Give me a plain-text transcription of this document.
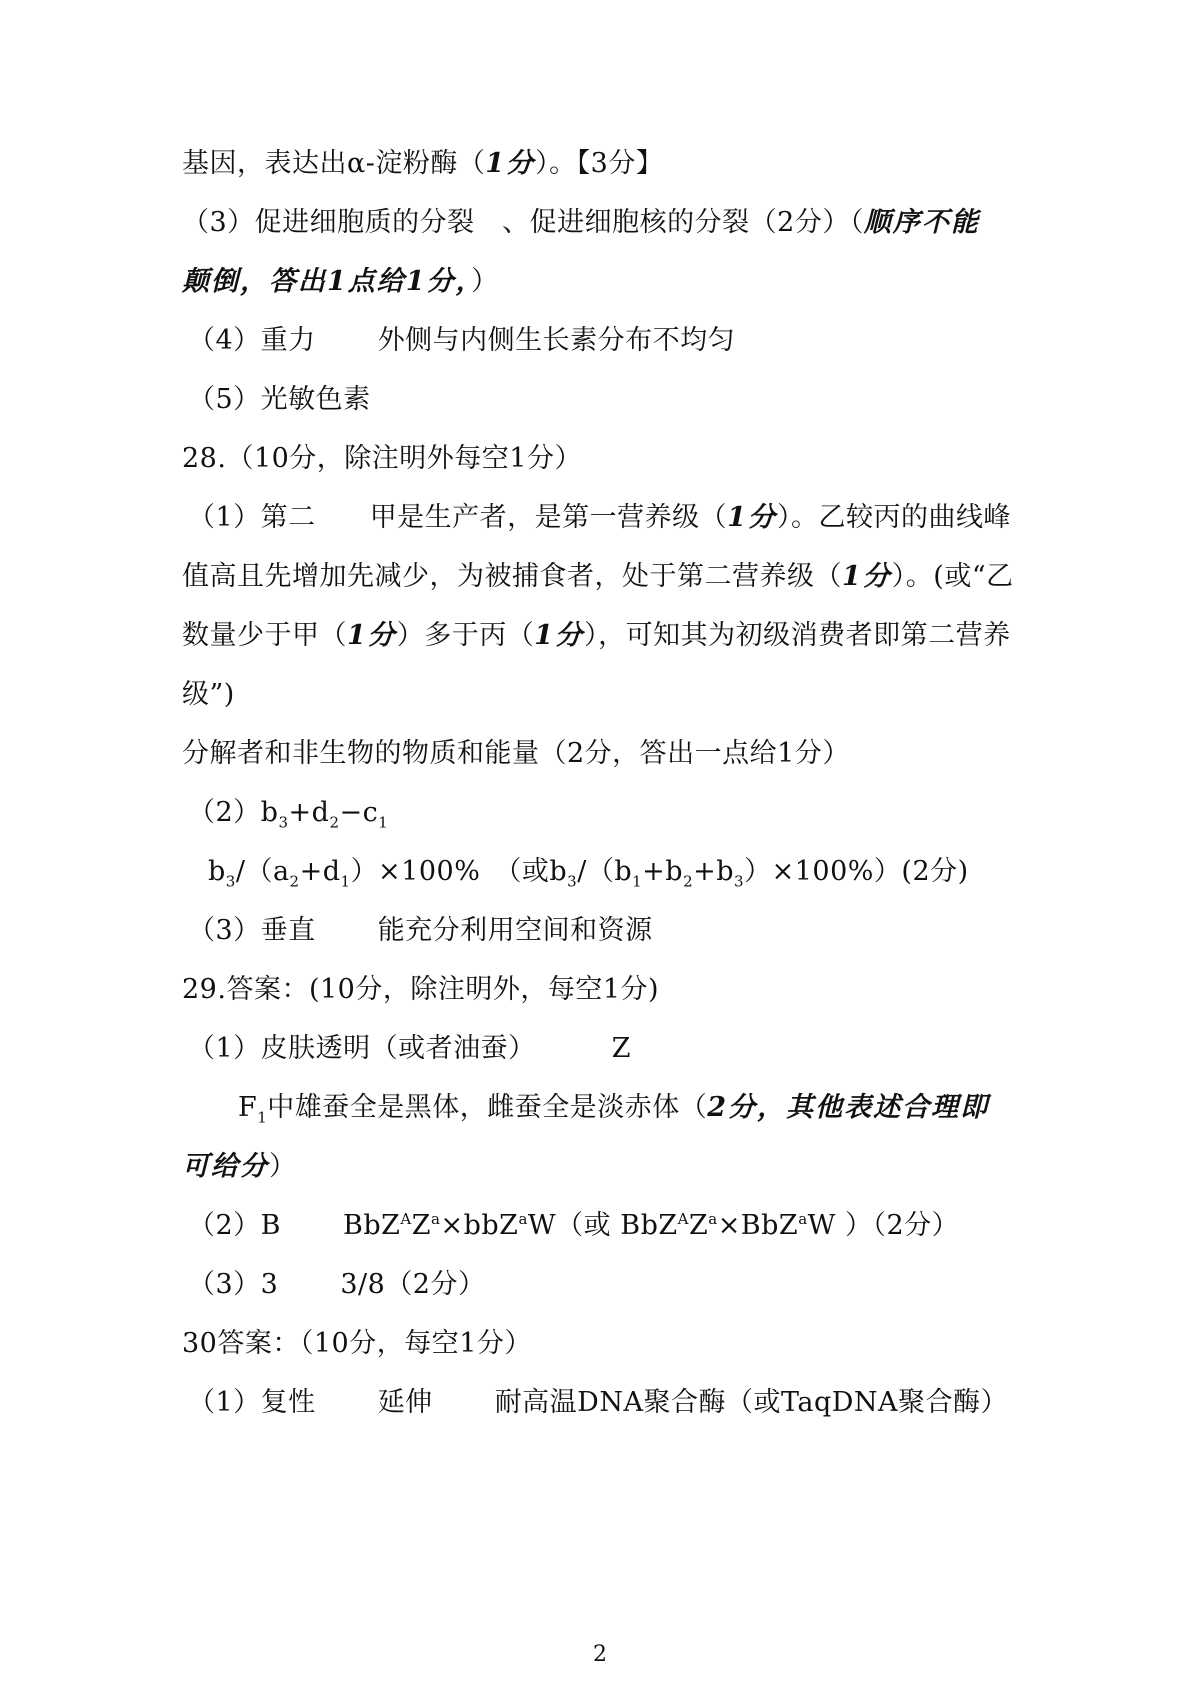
基因，表达出α-淀粉酶（1分）。【3分】
（3）促进细胞质的分裂　、促进细胞核的分裂（2分）（顺序不能
颠倒，答出1点给1分，）
（4）重力 外侧与内侧生长素分布不均匀
（5）光敏色素
28.（10分，除注明外每空1分）
（1）第二 甲是生产者，是第一营养级（1分）。乙较丙的曲线峰
值高且先增加先减少，为被捕食者，处于第二营养级（1分）。(或“乙
数量少于甲（1分）多于丙（1分），可知其为初级消费者即第二营养
级”)
分解者和非生物的物质和能量（2分，答出一点给1分）
$(2)b_3+d_2-c_1$
$b_3/(a_2+d_1)\times 100\%$　（或$b_3/(b_1+b_2+b_3)\times 100\%)(2$分)
（3）垂直 能充分利用空间和资源
29.答案：(10分，除注明外，每空1分)
（1）皮肤透明（或者油蚕）	Z
$F_1$中雄蚕全是黑体，雌蚕全是淡赤体（2分，其他表述合理即
可给分）
（2）B $BbZ^AZ^a\times bbZ^aW$（或 $BbZ^AZ^a\times BbZ^aW$ ）（2分）
（3）3 3/8（2分）
30答案：（10分，每空1分）
（1）复性 延伸 耐高温DNA聚合酶（或TaqDNA聚合酶）
2
